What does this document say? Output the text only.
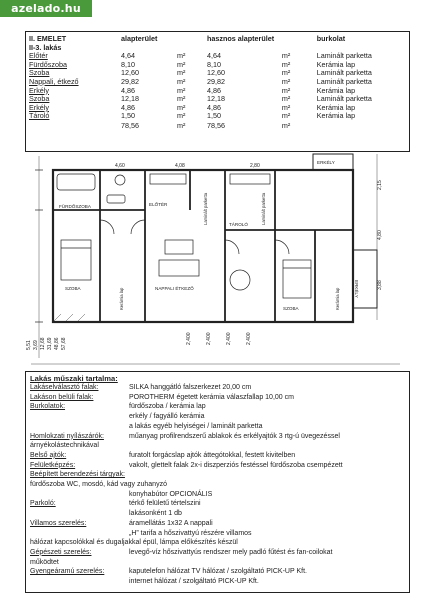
azelado.hu
II. EMELET	alapterület		hasznos alapterület		burkolat
II-3. lakás					
Előtér	4,64	m²	4,64	m²	Laminált parketta
Fürdőszoba	8,10	m²	8,10	m²	Kerámia lap
Szoba	12,60	m²	12,60	m²	Laminált parketta
Nappali, étkező	29,82	m²	29,82	m²	Laminált parketta
Erkély	4,86	m²	4,86	m²	Kerámia lap
Szoba	12,18	m²	12,18	m²	Laminált parketta
Erkély	4,86	m²	4,86	m²	Kerámia lap
Tároló	1,50	m²	1,50	m²	Kerámia lap
	78,56	m²	78,56	m²	
FÜRDŐSZOBA	ELŐTÉR
SZOBA	NAPPALI ÉTKEZŐ
SZOBA
ERKÉLY
ERKÉLY
TÁROLÓ
5,51 3,69 12,68 31,69 48,86 57,68	2,400	2,400	2,400	2,400
2,15
4,80
3,88
4,60	4,08	2,80
Kerámia lap
Laminált parketta	Laminált parketta
Kerámia lap
Lakás műszaki tartalma:
Lakáselválasztó falak:	SILKA hanggátló falszerkezet 20,00 cm
Lakáson belüli falak:	POROTHERM égetett kerámia válaszfallap 10,00 cm
Burkolatok:	fürdőszoba / kerámia lap
erkély / fagyálló kerámia
a lakás egyéb helyiségei / laminált parketta
Homlokzati nyílászárók:	műanyag profilrendszerű ablakok és erkélyajtók 3 rtg-ú üvegezéssel
árnyékolástechnikával
Belső ajtók:	furatolt forgácslap ajtók áttegótokkal, festett kivitelben
Felületképzés:	vakolt, glettelt falak 2x-i diszperziós festéssel fürdőszoba csempézett
Beépített berendezési tárgyak:
fürdőszoba WC, mosdó, kád vagy zuhanyzó
konyhabútor OPCIONÁLIS
Parkoló:	térkő felületű tértelszini
lakásonként 1 db
Villamos szerelés:	áramellátás 1x32 A nappali
„H” tarifa a hőszivattyú részére villamos
hálózat kapcsolókkal és dugaljakkal épül, lámpa előkészítés készül
Gépészeti szerelés:	levegő-víz hőszivattyús rendszer mely padló fűtést és fan-coilokat
működtet
Gyengeáramú szerelés:	kaputelefon hálózat TV hálózat / szolgáltató PICK-UP Kft.
internet hálózat / szolgáltató PICK-UP Kft.
